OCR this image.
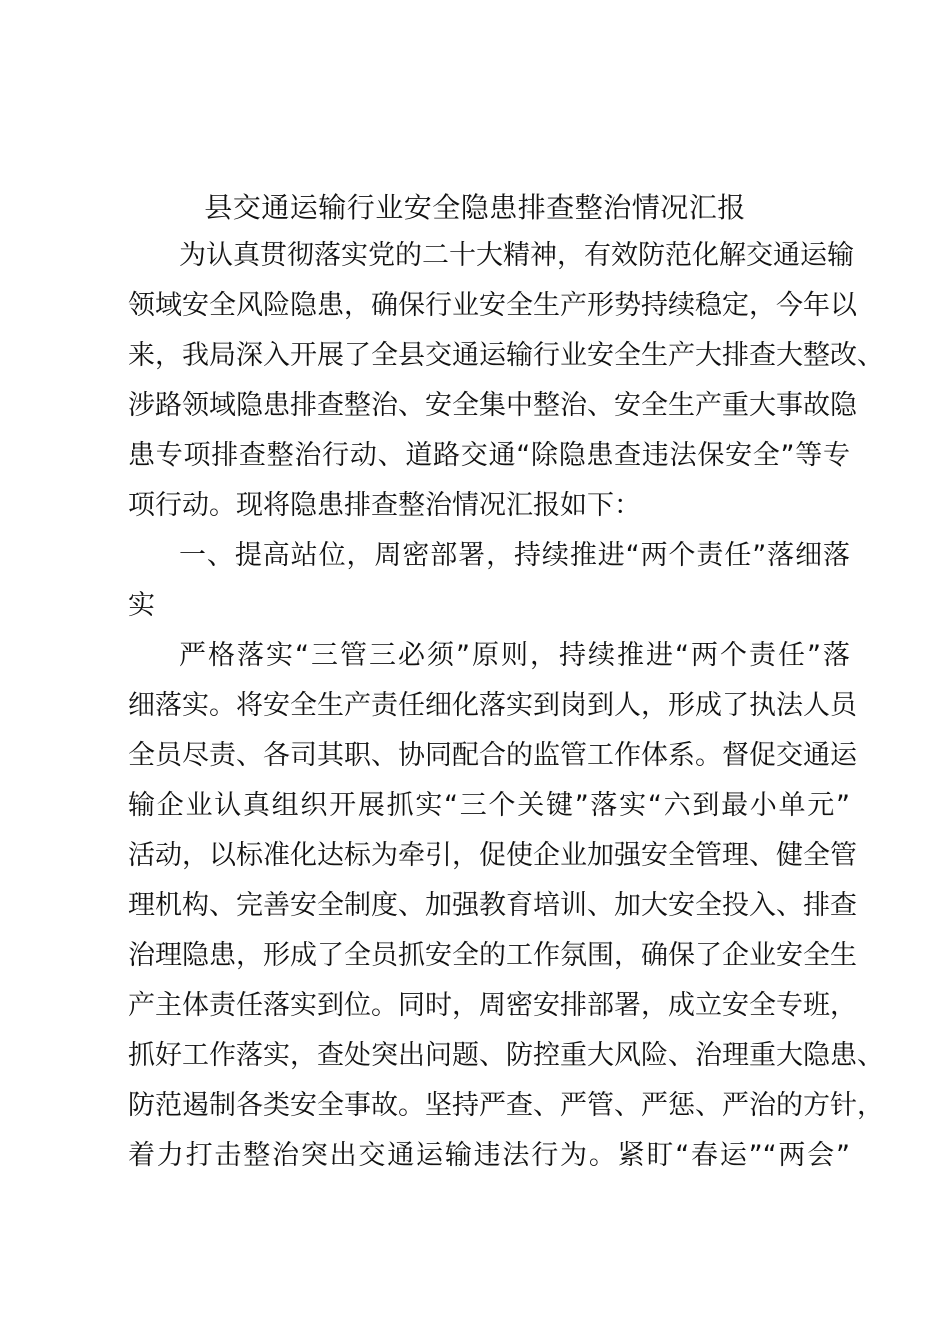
县交通运输行业安全隐患排查整治情况汇报
为认真贯彻落实党的二十大精神，有效防范化解交通运输
领域安全风险隐患，确保行业安全生产形势持续稳定，今年以
来，我局深入开展了全县交通运输行业安全生产大排查大整改、
涉路领域隐患排查整治、安全集中整治、安全生产重大事故隐
患专项排查整治行动、道路交通“除隐患查违法保安全”等专
项行动。现将隐患排查整治情况汇报如下：
一、提高站位，周密部署，持续推进“两个责任”落细落
实
严格落实“三管三必须”原则，持续推进“两个责任”落
细落实。将安全生产责任细化落实到岗到人，形成了执法人员
全员尽责、各司其职、协同配合的监管工作体系。督促交通运
输企业认真组织开展抓实“三个关键”落实“六到最小单元”
活动，以标准化达标为牵引，促使企业加强安全管理、健全管
理机构、完善安全制度、加强教育培训、加大安全投入、排查
治理隐患，形成了全员抓安全的工作氛围，确保了企业安全生
产主体责任落实到位。同时，周密安排部署，成立安全专班，
抓好工作落实，查处突出问题、防控重大风险、治理重大隐患、
防范遏制各类安全事故。坚持严查、严管、严惩、严治的方针，
着力打击整治突出交通运输违法行为。紧盯“春运”“两会”
